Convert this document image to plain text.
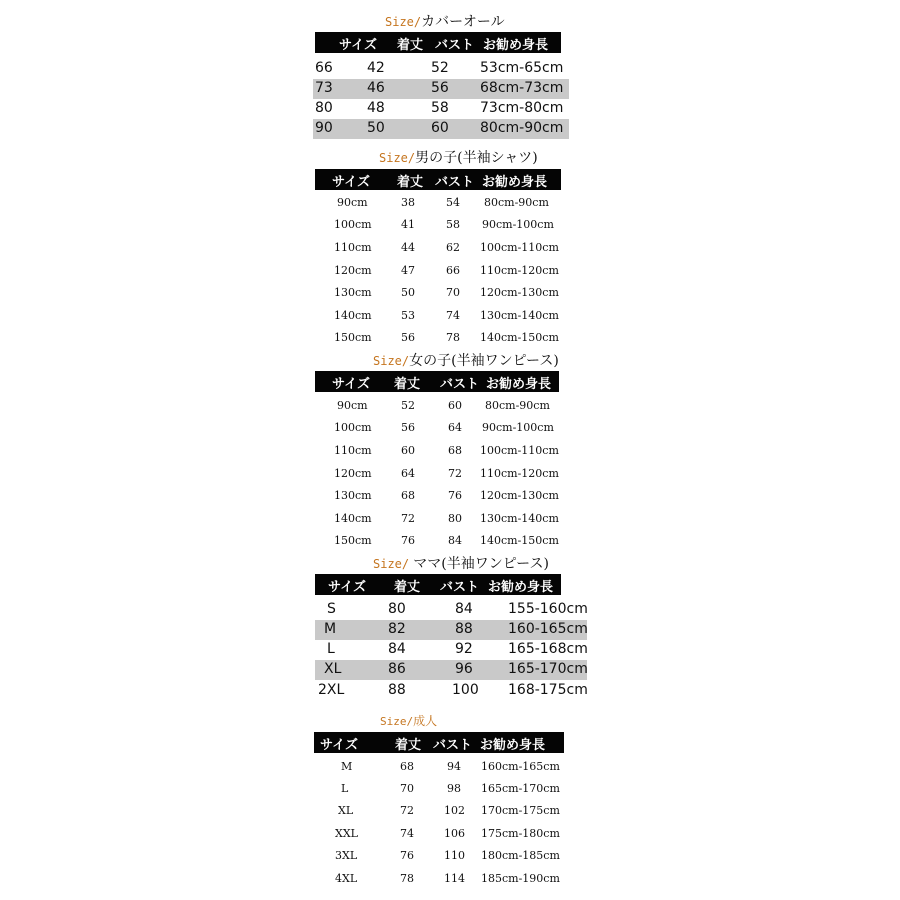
Size/カバーオール
サイズ 着丈 バスト お勧め身長
66 42	52 53cm-65cm
73 46	56 68cm-73cm
80 48	58 73cm-80cm
90 50	60 80cm-90cm
Size/男の子(半袖シャツ)
サイズ 着丈 バスト お勧め身長
90cm	38	54 80cm-90cm
100cm	41	58 90cm-100cm
110cm	44	62 100cm-110cm
120cm	47	66 110cm-120cm
130cm	50	70 120cm-130cm
140cm	53	74 130cm-140cm
150cm	56	78 140cm-150cm
Size/女の子(半袖ワンピース)
サイズ 着丈 バスト お勧め身長
90cm	52	60 80cm-90cm
100cm	56	64 90cm-100cm
110cm	60	68 100cm-110cm
120cm	64	72 110cm-120cm
130cm	68	76 120cm-130cm
140cm	72	80 130cm-140cm
150cm	76	84 140cm-150cm
Size/ ママ(半袖ワンピース)
サイズ 着丈 バスト お勧め身長
S	80	84	155-160cm
M	82	88	160-165cm
L	84	92	165-168cm
XL	86	96	165-170cm
2XL	88	100 168-175cm
Size/成人
サイズ	着丈 バスト お勧め身長
M	68	94 160cm-165cm
L	70	98 165cm-170cm
XL	72	102 170cm-175cm
XXL	74	106 175cm-180cm
3XL	76	110 180cm-185cm
4XL	78	114 185cm-190cm
